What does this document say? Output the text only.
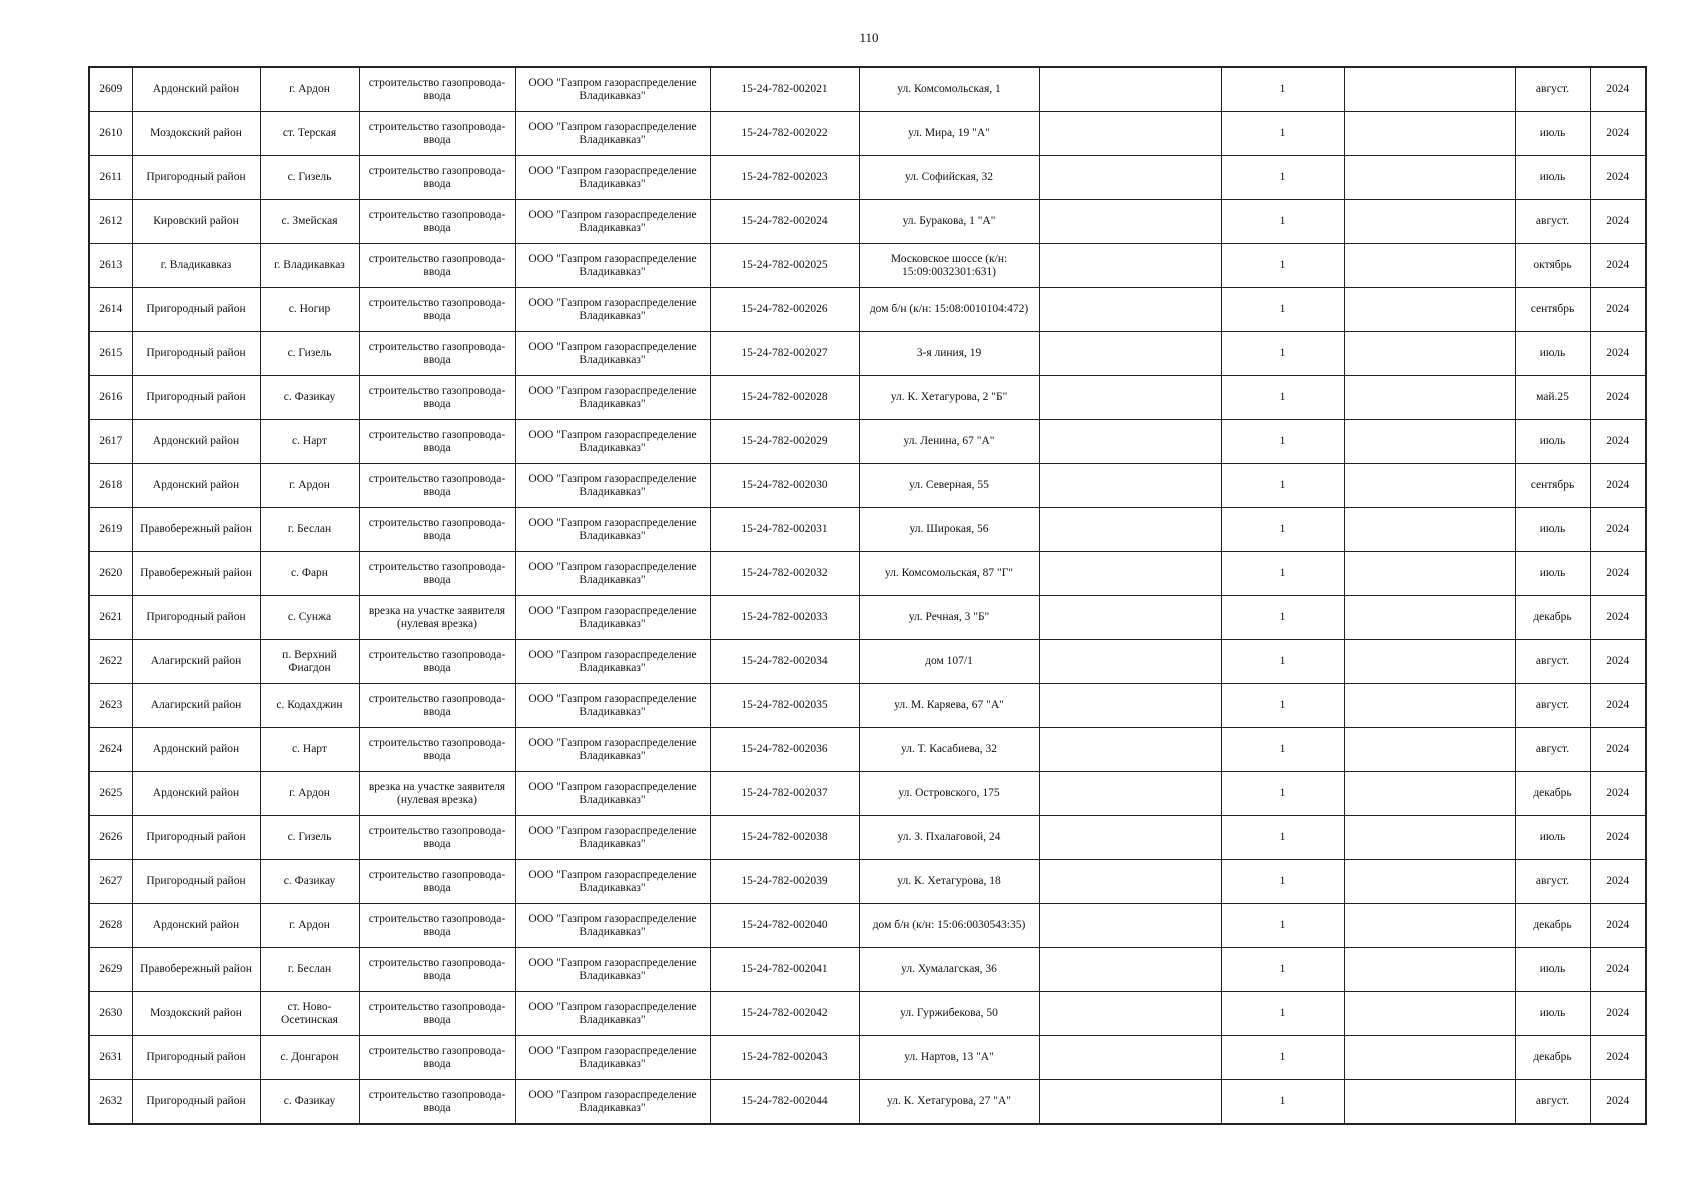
110
2609	Ардонский район	г. Ардон	строительство газопровода-ввода	ООО "Газпром газораспределение Владикавказ"	15-24-782-002021	ул. Комсомольская, 1		1		август.	2024
2610	Моздокский район	ст. Терская	строительство газопровода-ввода	ООО "Газпром газораспределение Владикавказ"	15-24-782-002022	ул. Мира, 19 "А"		1		июль	2024
2611	Пригородный район	с. Гизель	строительство газопровода-ввода	ООО "Газпром газораспределение Владикавказ"	15-24-782-002023	ул. Софийская, 32		1		июль	2024
2612	Кировский район	с. Змейская	строительство газопровода-ввода	ООО "Газпром газораспределение Владикавказ"	15-24-782-002024	ул. Буракова, 1 "А"		1		август.	2024
2613	г. Владикавказ	г. Владикавказ	строительство газопровода-ввода	ООО "Газпром газораспределение Владикавказ"	15-24-782-002025	Московское шоссе (к/н: 15:09:0032301:631)		1		октябрь	2024
2614	Пригородный район	с. Ногир	строительство газопровода-ввода	ООО "Газпром газораспределение Владикавказ"	15-24-782-002026	дом б/н (к/н: 15:08:0010104:472)		1		сентябрь	2024
2615	Пригородный район	с. Гизель	строительство газопровода-ввода	ООО "Газпром газораспределение Владикавказ"	15-24-782-002027	3-я линия, 19		1		июль	2024
2616	Пригородный район	с. Фазикау	строительство газопровода-ввода	ООО "Газпром газораспределение Владикавказ"	15-24-782-002028	ул. К. Хетагурова, 2 "Б"		1		май.25	2024
2617	Ардонский район	с. Нарт	строительство газопровода-ввода	ООО "Газпром газораспределение Владикавказ"	15-24-782-002029	ул. Ленина, 67 "А"		1		июль	2024
2618	Ардонский район	г. Ардон	строительство газопровода-ввода	ООО "Газпром газораспределение Владикавказ"	15-24-782-002030	ул. Северная, 55		1		сентябрь	2024
2619	Правобережный район	г. Беслан	строительство газопровода-ввода	ООО "Газпром газораспределение Владикавказ"	15-24-782-002031	ул. Широкая, 56		1		июль	2024
2620	Правобережный район	с. Фарн	строительство газопровода-ввода	ООО "Газпром газораспределение Владикавказ"	15-24-782-002032	ул. Комсомольская, 87 "Г"		1		июль	2024
2621	Пригородный район	с. Сунжа	врезка на участке заявителя (нулевая врезка)	ООО "Газпром газораспределение Владикавказ"	15-24-782-002033	ул. Речная, 3 "Б"		1		декабрь	2024
2622	Алагирский район	п. Верхний Фиагдон	строительство газопровода-ввода	ООО "Газпром газораспределение Владикавказ"	15-24-782-002034	дом 107/1		1		август.	2024
2623	Алагирский район	с. Кодахджин	строительство газопровода-ввода	ООО "Газпром газораспределение Владикавказ"	15-24-782-002035	ул. М. Каряева, 67 "А"		1		август.	2024
2624	Ардонский район	с. Нарт	строительство газопровода-ввода	ООО "Газпром газораспределение Владикавказ"	15-24-782-002036	ул. Т. Касабиева, 32		1		август.	2024
2625	Ардонский район	г. Ардон	врезка на участке заявителя (нулевая врезка)	ООО "Газпром газораспределение Владикавказ"	15-24-782-002037	ул. Островского, 175		1		декабрь	2024
2626	Пригородный район	с. Гизель	строительство газопровода-ввода	ООО "Газпром газораспределение Владикавказ"	15-24-782-002038	ул. З. Пхалаговой, 24		1		июль	2024
2627	Пригородный район	с. Фазикау	строительство газопровода-ввода	ООО "Газпром газораспределение Владикавказ"	15-24-782-002039	ул. К. Хетагурова, 18		1		август.	2024
2628	Ардонский район	г. Ардон	строительство газопровода-ввода	ООО "Газпром газораспределение Владикавказ"	15-24-782-002040	дом б/н (к/н: 15:06:0030543:35)		1		декабрь	2024
2629	Правобережный район	г. Беслан	строительство газопровода-ввода	ООО "Газпром газораспределение Владикавказ"	15-24-782-002041	ул. Хумалагская, 36		1		июль	2024
2630	Моздокский район	ст. Ново-Осетинская	строительство газопровода-ввода	ООО "Газпром газораспределение Владикавказ"	15-24-782-002042	ул. Гуржибекова, 50		1		июль	2024
2631	Пригородный район	с. Донгарон	строительство газопровода-ввода	ООО "Газпром газораспределение Владикавказ"	15-24-782-002043	ул. Нартов, 13 "А"		1		декабрь	2024
2632	Пригородный район	с. Фазикау	строительство газопровода-ввода	ООО "Газпром газораспределение Владикавказ"	15-24-782-002044	ул. К. Хетагурова, 27 "А"		1		август.	2024
